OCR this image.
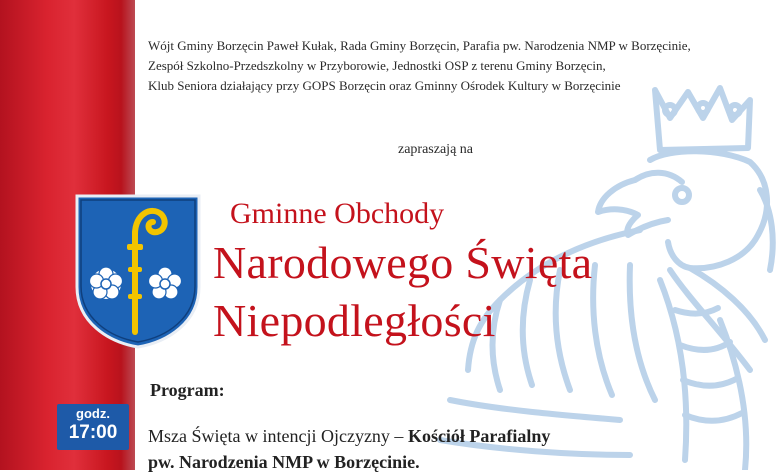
Wójt Gminy Borzęcin Paweł Kułak, Rada Gminy Borzęcin, Parafia pw. Narodzenia NMP w Borzęcinie,
Zespół Szkolno-Przedszkolny w Przyborowie, Jednostki OSP z terenu Gminy Borzęcin,
Klub Seniora działający przy GOPS Borzęcin oraz Gminny Ośrodek Kultury w Borzęcinie
zapraszają na
Gminne Obchody
Narodowego Święta
Niepodległości
Program:
godz.
17:00	Msza Święta w intencji Ojczyzny – Kościół Parafialny
pw. Narodzenia NMP w Borzęcinie.
